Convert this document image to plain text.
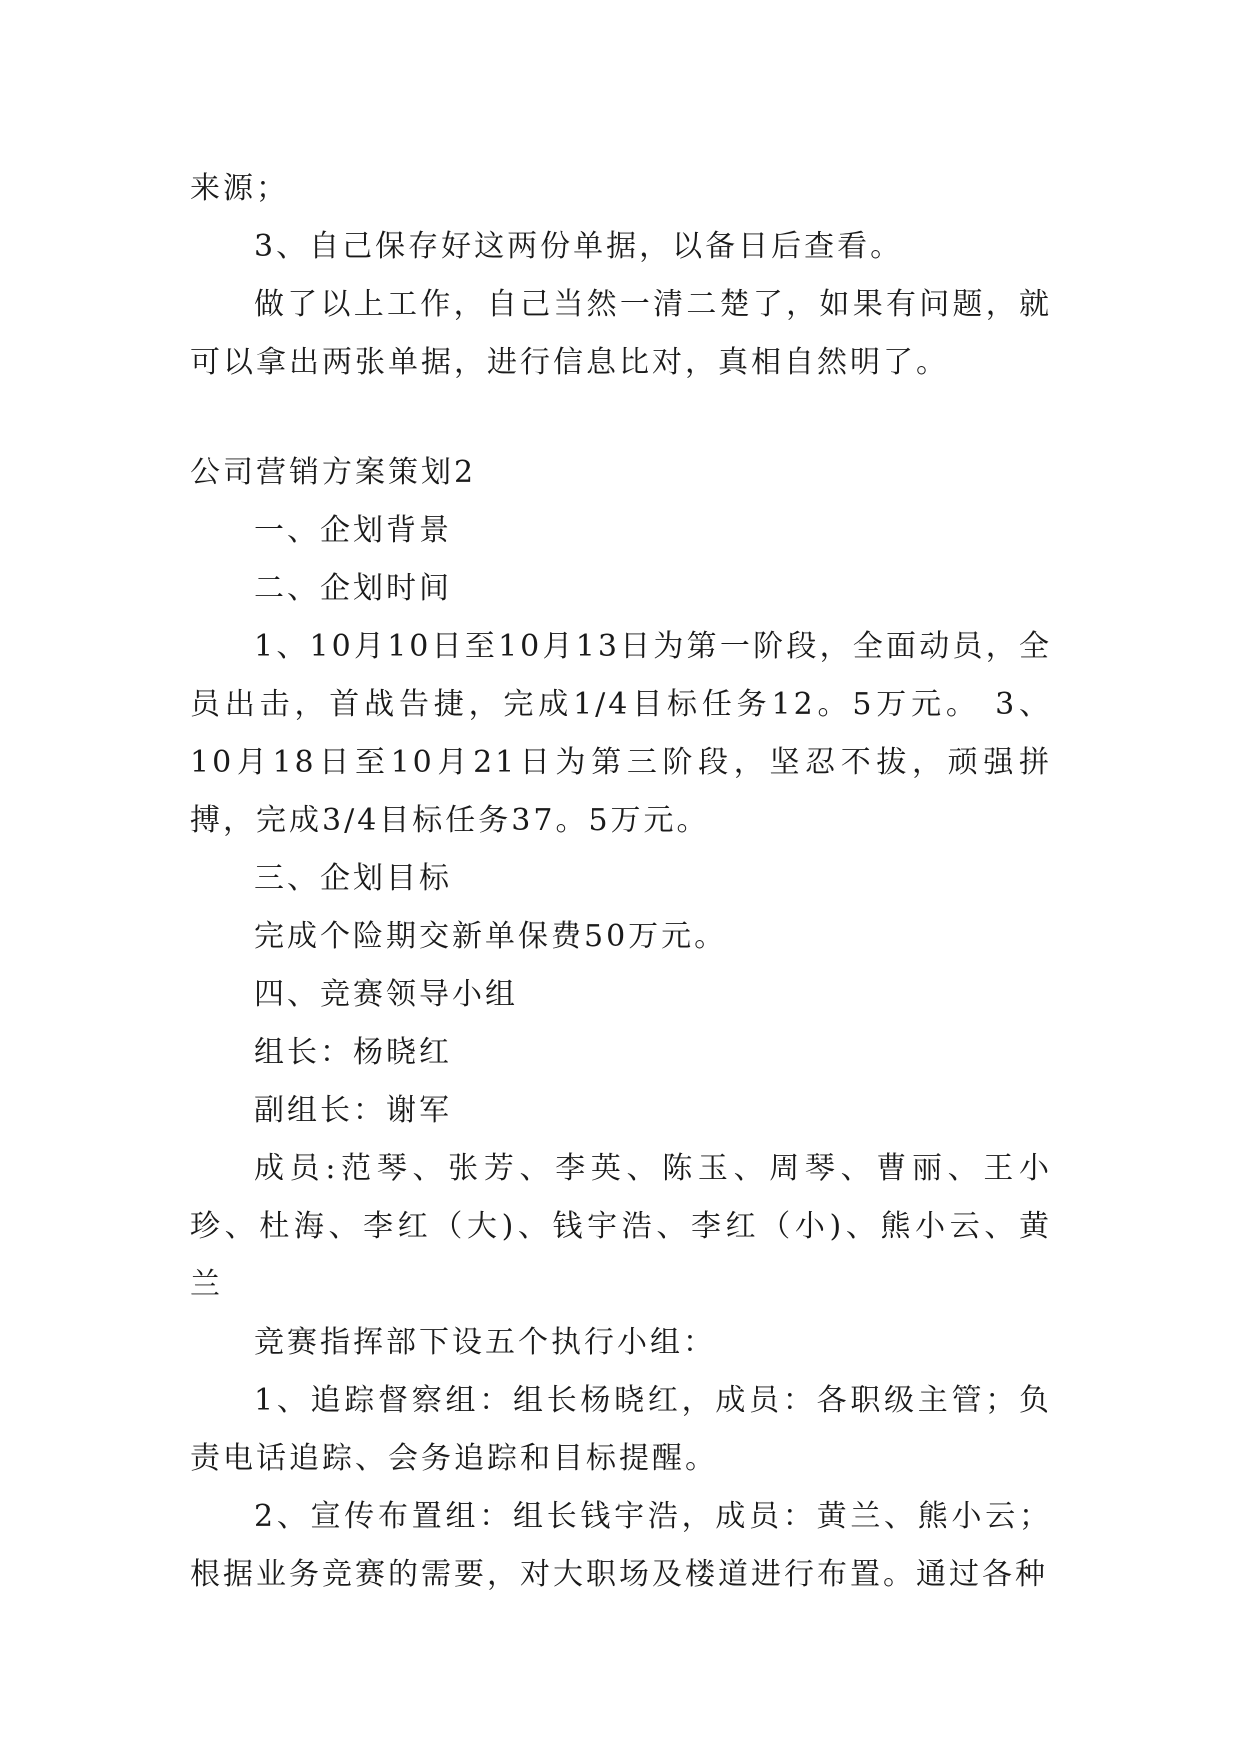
来源；

3、自己保存好这两份单据，以备日后查看。

做了以上工作，自己当然一清二楚了，如果有问题，就可以拿出两张单据，进行信息比对，真相自然明了。

公司营销方案策划2

一、企划背景

二、企划时间

1、10月10日至10月13日为第一阶段，全面动员，全员出击，首战告捷，完成1/4目标任务12。5万元。 3、 10月18日至10月21日为第三阶段，坚忍不拔，顽强拼搏，完成3/4目标任务37。5万元。

三、企划目标

完成个险期交新单保费50万元。

四、竞赛领导小组

组长：杨晓红

副组长：谢军

成员:范琴、张芳、李英、陈玉、周琴、曹丽、王小珍、杜海、李红（大)、钱宇浩、李红（小)、熊小云、黄 兰

竞赛指挥部下设五个执行小组：

1、追踪督察组：组长杨晓红，成员：各职级主管；负责电话追踪、会务追踪和目标提醒。

2、宣传布置组：组长钱宇浩，成员：黄兰、熊小云；根据业务竞赛的需要，对大职场及楼道进行布置。通过各种
